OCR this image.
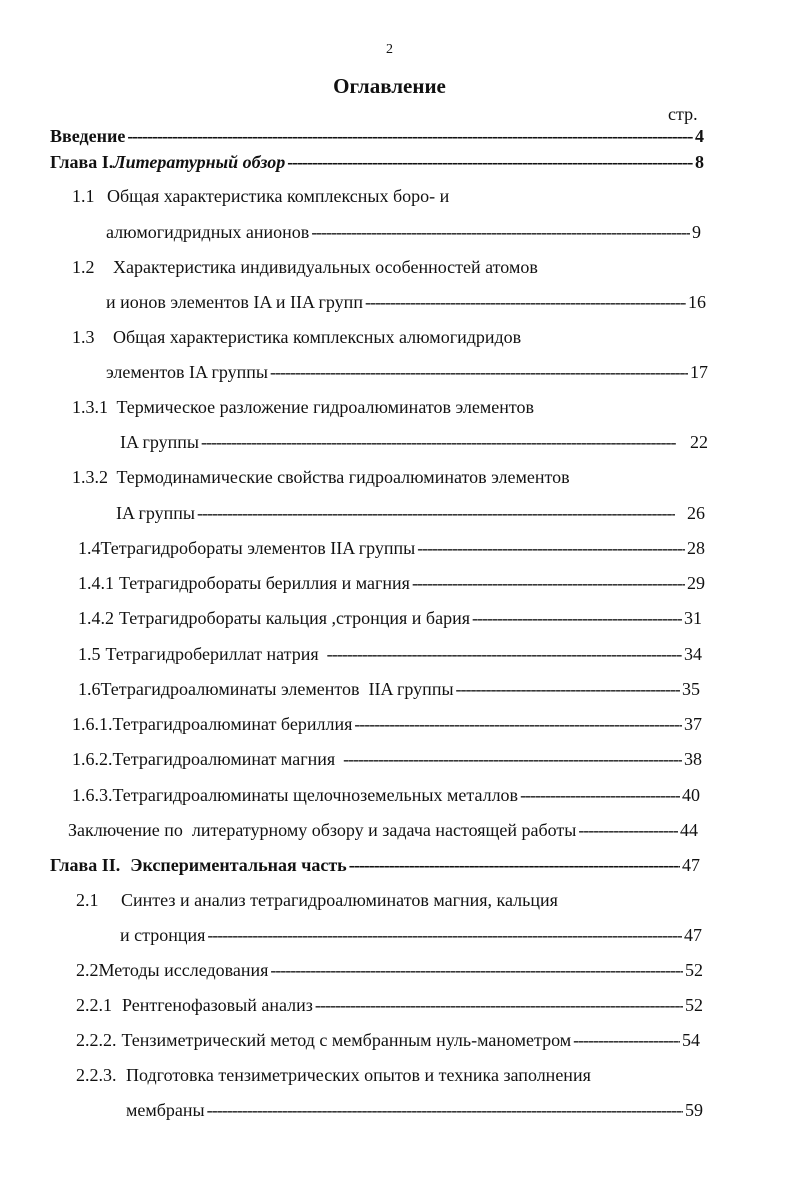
2
Оглавление
стр.
Введение -----	4
Глава I. Литературный обзор -----	8
1.1 Общая характеристика комплексных боро- и
алюмогидридных анионов -----	9
1.2 Характеристика индивидуальных особенностей атомов
и ионов элементов IA и IIA групп -----	16
1.3 Общая характеристика комплексных алюмогидридов
элементов IA группы -----	17
1.3.1 Термическое разложение гидроалюминатов элементов
IA группы -----	22
1.3.2 Термодинамические свойства гидроалюминатов элементов
IA группы -----	26
1.4 Тетрагидробораты элементов IIA группы -----	28
1.4.1 Тетрагидробораты бериллия и магния -----	29
1.4.2 Тетрагидробораты кальция ,стронция и бария -----	31
1.5 Тетрагидробериллат натрия -----	34
1.6 Тетрагидроалюминаты элементов  IIA группы -----	35
1.6.1. Тетрагидроалюминат бериллия -----	37
1.6.2. Тетрагидроалюминат магния -----	38
1.6.3. Тетрагидроалюминаты щелочноземельных металлов -----	40
Заключение по  литературному обзору и задача настоящей работы -----	44
Глава II. Экспериментальная часть -----	47
2.1 Синтез и анализ тетрагидроалюминатов магния, кальция
и стронция -----	47
2.2 Методы исследования -----	52
2.2.1 Рентгенофазовый анализ -----	52
2.2.2. Тензиметрический метод с мембранным нуль-манометром -----	54
2.2.3. Подготовка тензиметрических опытов и техника заполнения
мембраны -----	59
